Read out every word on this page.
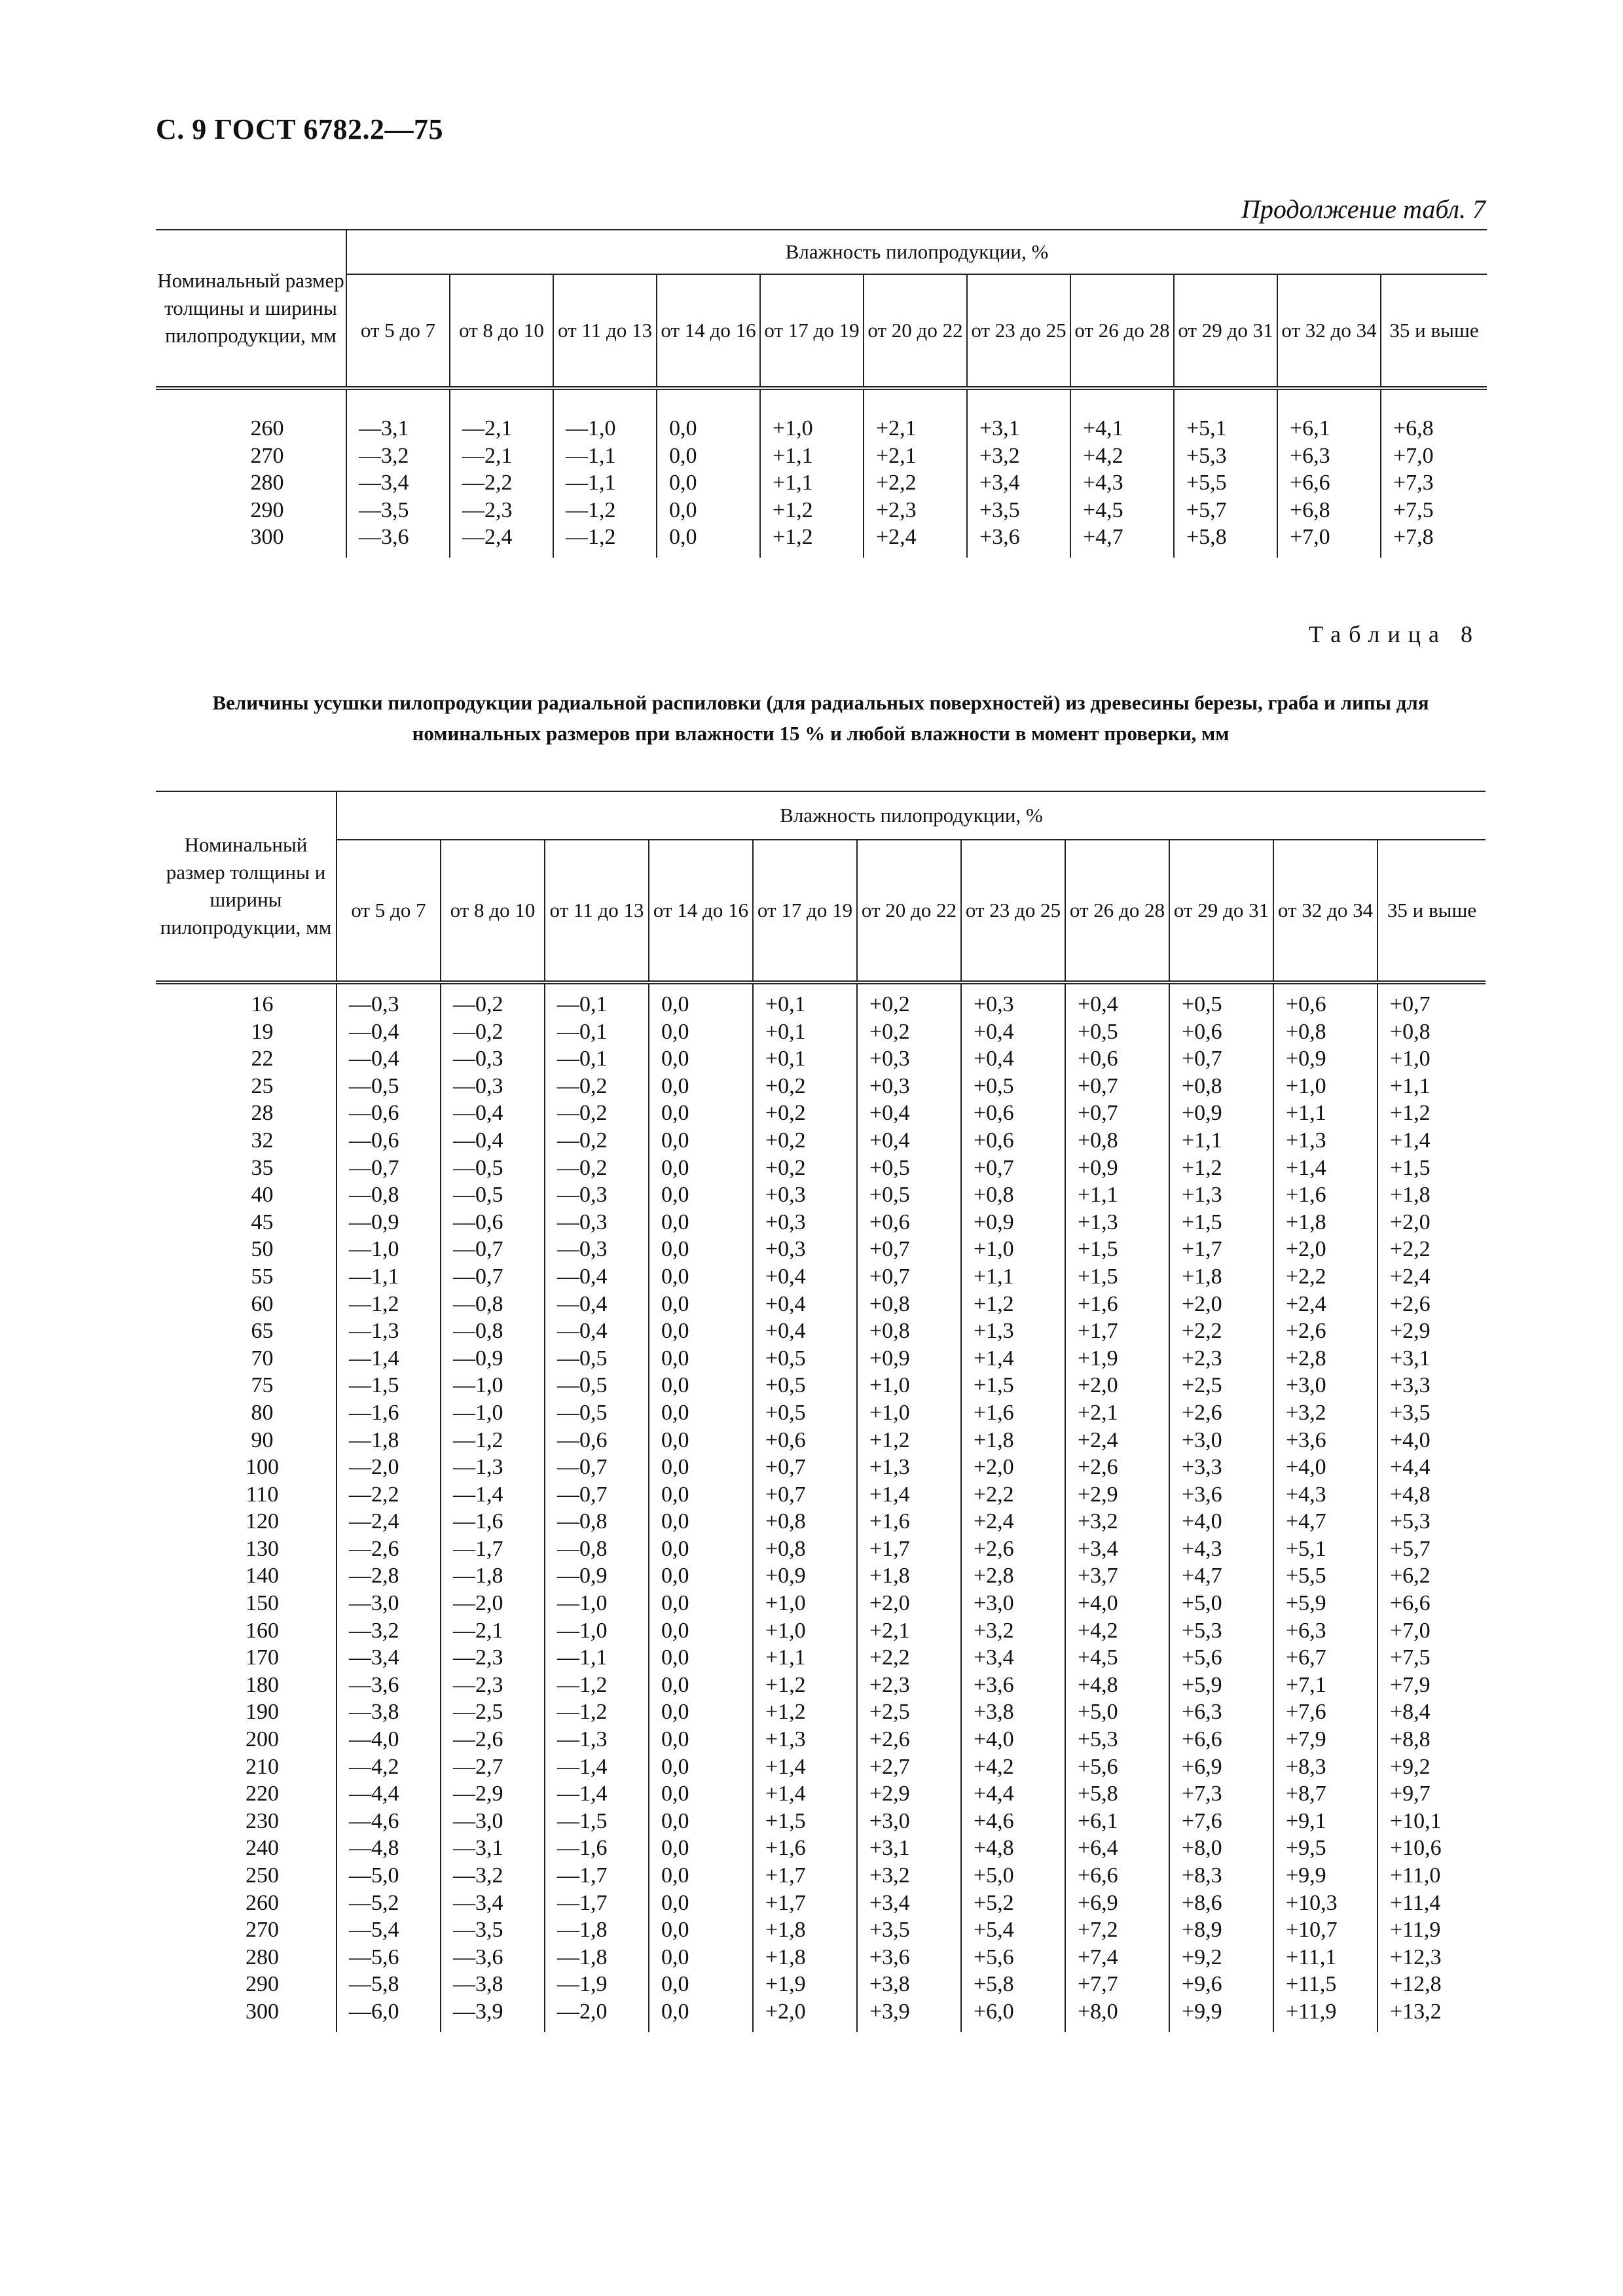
С. 9 ГОСТ 6782.2—75
Продолжение табл. 7
Номинальный размер толщины и ширины пилопродукции, мм	Влажность пилопродукции, %										
	от 5 до 7	от 8 до 10	от 11 до 13	от 14 до 16	от 17 до 19	от 20 до 22	от 23 до 25	от 26 до 28	от 29 до 31	от 32 до 34	35 и выше

260	—3,1	—2,1	—1,0	0,0	+1,0	+2,1	+3,1	+4,1	+5,1	+6,1	+6,8
270	—3,2	—2,1	—1,1	0,0	+1,1	+2,1	+3,2	+4,2	+5,3	+6,3	+7,0
280	—3,4	—2,2	—1,1	0,0	+1,1	+2,2	+3,4	+4,3	+5,5	+6,6	+7,3
290	—3,5	—2,3	—1,2	0,0	+1,2	+2,3	+3,5	+4,5	+5,7	+6,8	+7,5
300	—3,6	—2,4	—1,2	0,0	+1,2	+2,4	+3,6	+4,7	+5,8	+7,0	+7,8

Таблица 8
Величины усушки пилопродукции радиальной распиловки (для радиальных поверхностей) из древесины березы, граба и липы для номинальных размеров при влажности 15 % и любой влажности в момент проверки, мм
Номинальный размер толщины и ширины пилопродукции, мм	Влажность пилопродукции, %										
	от 5 до 7	от 8 до 10	от 11 до 13	от 14 до 16	от 17 до 19	от 20 до 22	от 23 до 25	от 26 до 28	от 29 до 31	от 32 до 34	35 и выше

16	—0,3	—0,2	—0,1	0,0	+0,1	+0,2	+0,3	+0,4	+0,5	+0,6	+0,7
19	—0,4	—0,2	—0,1	0,0	+0,1	+0,2	+0,4	+0,5	+0,6	+0,8	+0,8
22	—0,4	—0,3	—0,1	0,0	+0,1	+0,3	+0,4	+0,6	+0,7	+0,9	+1,0
25	—0,5	—0,3	—0,2	0,0	+0,2	+0,3	+0,5	+0,7	+0,8	+1,0	+1,1
28	—0,6	—0,4	—0,2	0,0	+0,2	+0,4	+0,6	+0,7	+0,9	+1,1	+1,2
32	—0,6	—0,4	—0,2	0,0	+0,2	+0,4	+0,6	+0,8	+1,1	+1,3	+1,4
35	—0,7	—0,5	—0,2	0,0	+0,2	+0,5	+0,7	+0,9	+1,2	+1,4	+1,5
40	—0,8	—0,5	—0,3	0,0	+0,3	+0,5	+0,8	+1,1	+1,3	+1,6	+1,8
45	—0,9	—0,6	—0,3	0,0	+0,3	+0,6	+0,9	+1,3	+1,5	+1,8	+2,0
50	—1,0	—0,7	—0,3	0,0	+0,3	+0,7	+1,0	+1,5	+1,7	+2,0	+2,2
55	—1,1	—0,7	—0,4	0,0	+0,4	+0,7	+1,1	+1,5	+1,8	+2,2	+2,4
60	—1,2	—0,8	—0,4	0,0	+0,4	+0,8	+1,2	+1,6	+2,0	+2,4	+2,6
65	—1,3	—0,8	—0,4	0,0	+0,4	+0,8	+1,3	+1,7	+2,2	+2,6	+2,9
70	—1,4	—0,9	—0,5	0,0	+0,5	+0,9	+1,4	+1,9	+2,3	+2,8	+3,1
75	—1,5	—1,0	—0,5	0,0	+0,5	+1,0	+1,5	+2,0	+2,5	+3,0	+3,3
80	—1,6	—1,0	—0,5	0,0	+0,5	+1,0	+1,6	+2,1	+2,6	+3,2	+3,5
90	—1,8	—1,2	—0,6	0,0	+0,6	+1,2	+1,8	+2,4	+3,0	+3,6	+4,0
100	—2,0	—1,3	—0,7	0,0	+0,7	+1,3	+2,0	+2,6	+3,3	+4,0	+4,4
110	—2,2	—1,4	—0,7	0,0	+0,7	+1,4	+2,2	+2,9	+3,6	+4,3	+4,8
120	—2,4	—1,6	—0,8	0,0	+0,8	+1,6	+2,4	+3,2	+4,0	+4,7	+5,3
130	—2,6	—1,7	—0,8	0,0	+0,8	+1,7	+2,6	+3,4	+4,3	+5,1	+5,7
140	—2,8	—1,8	—0,9	0,0	+0,9	+1,8	+2,8	+3,7	+4,7	+5,5	+6,2
150	—3,0	—2,0	—1,0	0,0	+1,0	+2,0	+3,0	+4,0	+5,0	+5,9	+6,6
160	—3,2	—2,1	—1,0	0,0	+1,0	+2,1	+3,2	+4,2	+5,3	+6,3	+7,0
170	—3,4	—2,3	—1,1	0,0	+1,1	+2,2	+3,4	+4,5	+5,6	+6,7	+7,5
180	—3,6	—2,3	—1,2	0,0	+1,2	+2,3	+3,6	+4,8	+5,9	+7,1	+7,9
190	—3,8	—2,5	—1,2	0,0	+1,2	+2,5	+3,8	+5,0	+6,3	+7,6	+8,4
200	—4,0	—2,6	—1,3	0,0	+1,3	+2,6	+4,0	+5,3	+6,6	+7,9	+8,8
210	—4,2	—2,7	—1,4	0,0	+1,4	+2,7	+4,2	+5,6	+6,9	+8,3	+9,2
220	—4,4	—2,9	—1,4	0,0	+1,4	+2,9	+4,4	+5,8	+7,3	+8,7	+9,7
230	—4,6	—3,0	—1,5	0,0	+1,5	+3,0	+4,6	+6,1	+7,6	+9,1	+10,1
240	—4,8	—3,1	—1,6	0,0	+1,6	+3,1	+4,8	+6,4	+8,0	+9,5	+10,6
250	—5,0	—3,2	—1,7	0,0	+1,7	+3,2	+5,0	+6,6	+8,3	+9,9	+11,0
260	—5,2	—3,4	—1,7	0,0	+1,7	+3,4	+5,2	+6,9	+8,6	+10,3	+11,4
270	—5,4	—3,5	—1,8	0,0	+1,8	+3,5	+5,4	+7,2	+8,9	+10,7	+11,9
280	—5,6	—3,6	—1,8	0,0	+1,8	+3,6	+5,6	+7,4	+9,2	+11,1	+12,3
290	—5,8	—3,8	—1,9	0,0	+1,9	+3,8	+5,8	+7,7	+9,6	+11,5	+12,8
300	—6,0	—3,9	—2,0	0,0	+2,0	+3,9	+6,0	+8,0	+9,9	+11,9	+13,2
